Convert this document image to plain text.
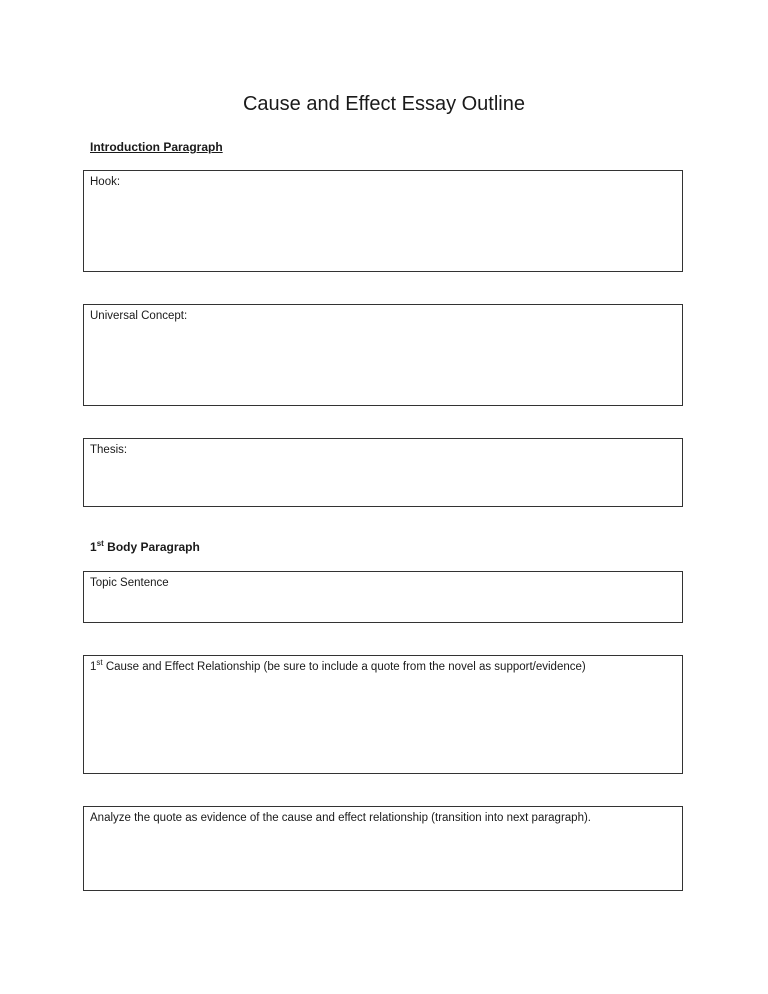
Cause and Effect Essay Outline
Introduction Paragraph
Hook:
Universal Concept:
Thesis:
1st Body Paragraph
Topic Sentence
1st Cause and Effect Relationship (be sure to include a quote from the novel as support/evidence)
Analyze the quote as evidence of the cause and effect relationship (transition into next paragraph).
